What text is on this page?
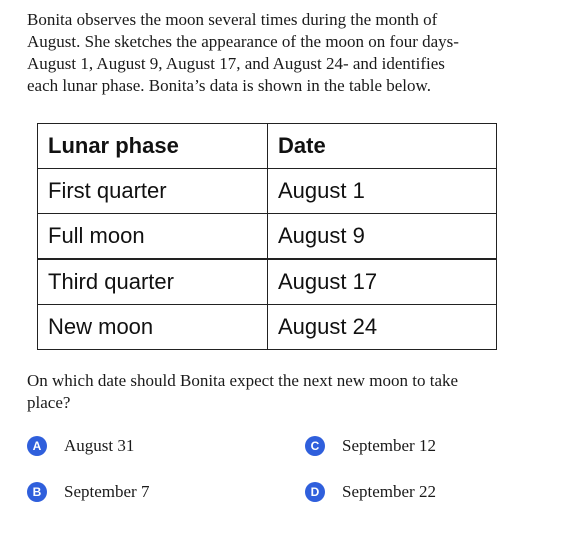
Bonita observes the moon several times during the month of
August. She sketches the appearance of the moon on four days-
August 1, August 9, August 17, and August 24- and identifies
each lunar phase. Bonita’s data is shown in the table below.

Lunar phase	Date
First quarter	August 1
Full moon	August 9
Third quarter	August 17
New moon	August 24

On which date should Bonita expect the next new moon to take
place?

A	August 31
B	September 7
C	September 12
D	September 22
